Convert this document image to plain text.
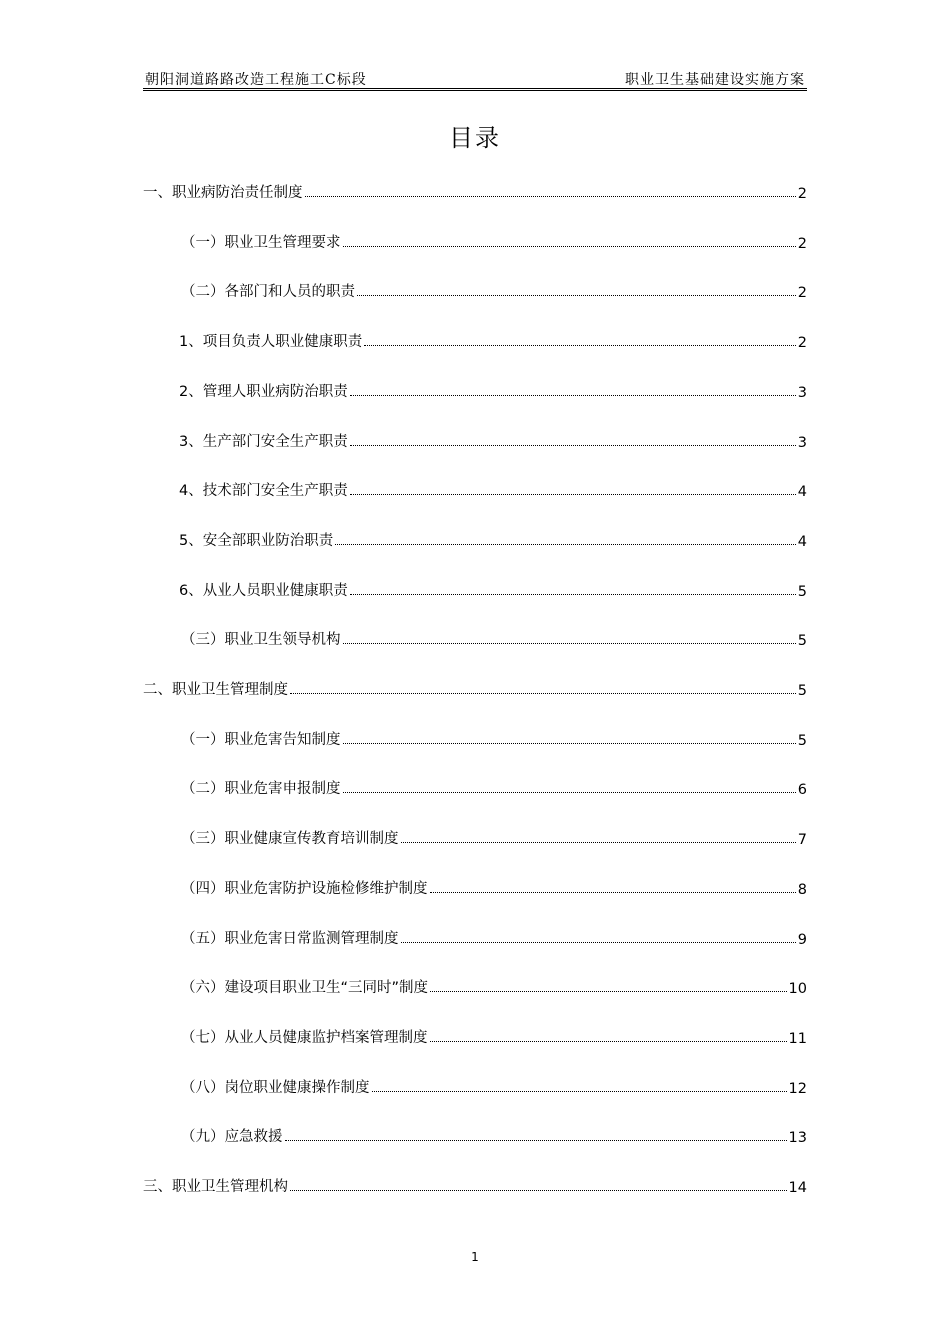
朝阳洞道路路改造工程施工C标段	职业卫生基础建设实施方案
目录
一、职业病防治责任制度	2
（一）职业卫生管理要求	2
（二）各部门和人员的职责	2
1、项目负责人职业健康职责	2
2、管理人职业病防治职责	3
3、生产部门安全生产职责	3
4、技术部门安全生产职责	4
5、安全部职业防治职责	4
6、从业人员职业健康职责	5
（三）职业卫生领导机构	5
二、职业卫生管理制度	5
（一）职业危害告知制度	5
（二）职业危害申报制度	6
（三）职业健康宣传教育培训制度	7
（四）职业危害防护设施检修维护制度	8
（五）职业危害日常监测管理制度	9
（六）建设项目职业卫生“三同时”制度	10
（七）从业人员健康监护档案管理制度	11
（八）岗位职业健康操作制度	12
（九）应急救援	13
三、职业卫生管理机构	14
1
